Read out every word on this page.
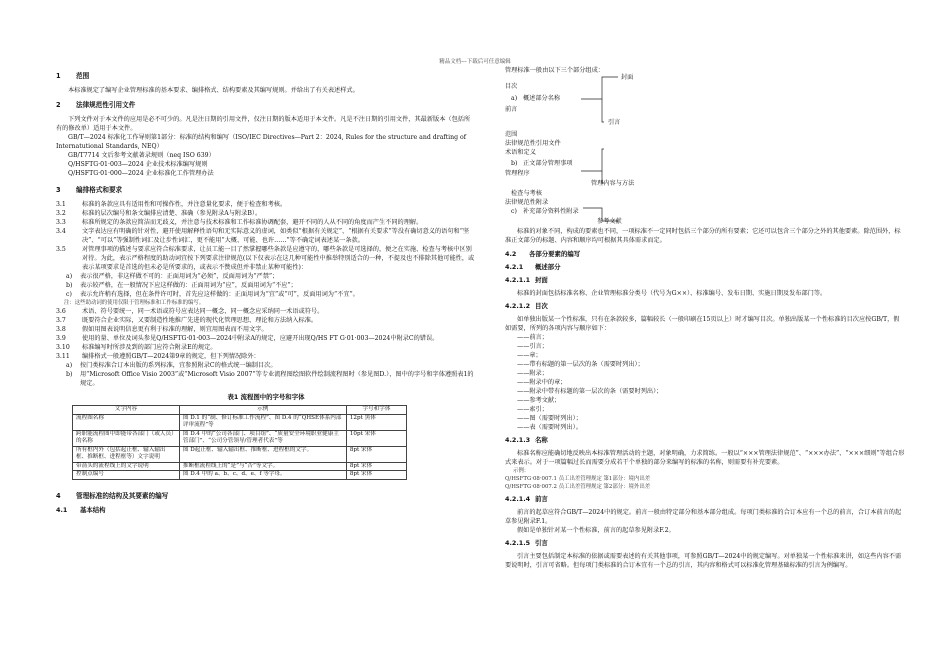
精品文档---下载后可任意编辑
1 范围

本标准规定了编写企业管理标准的基本要求、编排格式、结构要素及其编写规则。并给出了有关表述样式。

2 法律规范性引用文件

下列文件对于本文件的应用是必不可少的。凡是注日期的引用文件，仅注日期的版本适用于本文件。凡是不注日期的引用文件，其最新版本（包括所有的修改单）适用于本文件。

GB/T—2024 标准化工作导则第1部分：标准的结构和编写（ISO/IEC Directives—Part 2：2024, Rules for the structure and drafting of Internatutional Standards, NEQ）

GB/T7714 文后参考文献著录规则（neq ISO 639）

Q/HSFTG·01·003—2024 企业技术标准编写规则

Q/HSFTG·01·000—2024 企业标准化工作管理办法

3 编排格式和要求

3.1	标准的条款应具有适用性和可操作性，并注意量化要求，便于检查和考核。

3.2	标准的层次编号和条文编排应清楚、准确（参见附录A与附录B）。

3.3	标准所规定的条款应简洁而无歧义，并注意与技术标准和工作标准协调配套，避开不同的人从不同的角度而产生不同的理解。

3.4	文字表达应有明确的针对性，避开使用解释性语句和无实际意义的虚词，如类似“根据有关规定”、“根据有关要求”等没有确切意义的语句和“坚决”、“可以”等强制性词汇及让步性词汇，更不能用“大概、可能、也许……”等不确定词表述某一条款。

3.5	对管理事项的描述与要求应符合标准要求，让员工能一目了然掌握哪些条款是应遵守的，哪些条款是可选择的，便之在实施、检查与考核中区别对待。为此，表示严格程度的助动词宜按下列要求注律规范(以下仅表示在这几种可能性中推举特别适合的一种，不提及也不排除其他可能性，或表示某项要求是首选的但未必是所要求的，或表示不赞成但并非禁止某种可能性)：

a) 表示很严格，非这样做不可的：正面用词为“必须”，反面用词为“严禁”；

b) 表示较严格，在一般情况下应这样做的：正面用词为“应”，反面用词为“不应”；

c) 表示允许稍有选择，但在条件许可时，首先应这样做的：正面用词为“宜”或“可”，反面用词为“不宜”。

注：这些助动词的使用仅限于管理标准和工作标准的编写。

3.6	术语、符号要统一，同一术语或符号应表达同一概念，同一概念应采纳同一术语或符号。

3.7	既要符合企业实际，又要制造性地推广先进的现代化管理思想、理论和方法纳入标准。

3.8	假如用图表说明信息更有利于标准的理解，则宜用图表而不用文字。

3.9	使用的量、单位及词头参见Q/HSFTG·01·003—2024中附录A的规定，应避开出现Q/HS FT G·01·003—2024中附录C的错误。

3.10 标准编写时所涉及到的部门应符合附录E的规定。

3.11 编排格式一般遵照GB/T—2024第9章的规定，但下列情况除外：

a) 按门类标准合订本出版的系列标准，宜参照附录C的格式统一编制目次。

b) 用“Microsoft Office Visio 2003”或“Microsoft Visio 2007”等专业流程图绘图软件绘制流程图时（参见图D.），图中的字号和字体遵照表1的规定。

表1 流程图中的字号和字体
文字内容	示例	字号和字体
流程图名称	图 D.1 的“制、修订标准工作流程”、图 D.4 的“QHSE体系内部评审流程”等	12pt 黑体
跨职能流程图中即能带各部门（或人员）的名称	图 D.4 中的“公司各部门、项目组”、“质量安全环境职业健康主管部门”、“公司分管领导/管理者代表”等	10pt 宋体
所有框内外（包括起止框、输入输出框、推断框、进程框等）文字说明	图 D起止框、输入输出框、推断框、进程框的文字。	8pt 宋体
带箭头的流程线上的文字说明	推断框流程线上的“是”与“否”等文字。	8pt 宋体
控制点编号	图 D.4 中的 a、b、c、d、e、f 等字母。	8pt 宋体
4 管理标准的结构及其要素的编写
4.1 基本结构

管理标准一般由以下三个部分组成：

封面
目次
a) 概述部分名称
前言
引言
范围
法律规范性引用文件
术语和定义
b) 正文部分管理事项
管理程序
管理内容与方法
检查与考核
法律规范性附录
c) 补充部分资料性附录
参考文献

标准的对象不同，构成的要素也不同，一项标准不一定同时包括三个部分的所有要素；它还可以包含三个部分之外的其他要素。除范围外，标准正文部分的标题、内容和顺序均可根据其具体需求而定。

4.2 各部分要素的编写
4.2.1 概述部分
4.2.1.1 封面

标准的封面包括标准名称、企业管理标准分类号（代号为G××）、标准编号、发布日期、实施日期及发布部门等。

4.2.1.2 目次

如单独出版某一个性标准，只有在条款较多，篇幅较长（一般印刷在15页以上）时才编写目次。单独出版某一个性标准的目次应按GB/T，假如需要，所列的各项内容与顺序如下：

——前言；

——引言；

——章；

——带有标题的第一层次的条（需要时列出）；

——附录；

——附录中的章；

——附录中带有标题的第一层次的条（需要时列出）；

——参考文献；

——索引；

——图（需要时列出）；

——表（需要时列出）。

4.2.1.3 名称

标准名称应能确切地反映出本标准管理活动的主题，对象明确，力求简练。一般以“×××管理法律规范”、“×××办法”、“×××细则”等组合形式来表示。对于一项篇幅过长而需要分成若干个单独的部分来编写的标准的名称，则需要有补充要素。

示例：

Q/HSFTG·08·007.1 员工出差管理规定 第1部分：境内出差

Q/HSFTG·08·007.2 员工出差管理规定 第2部分：境外出差

4.2.1.4 前言

前言的起草应符合GB/T—2024中的规定。前言一般由特定部分和基本部分组成。每项门类标准的合订本应有一个总的前言，合订本前言的起草参见附录F.1。

假如是单独针对某一个性标准，前言的起草参见附录F.2。

4.2.1.5 引言

引言主要包括制定本标准的依据或需要表述的有关其他事项，可参照GB/T—2024中的规定编写。对单独某一个性标准来讲，如这些内容不需要说明时，引言可省略。但每项门类标准的合订本宜有一个总的引言，其内容和格式可以标准化管理基础标准的引言为例编写。
